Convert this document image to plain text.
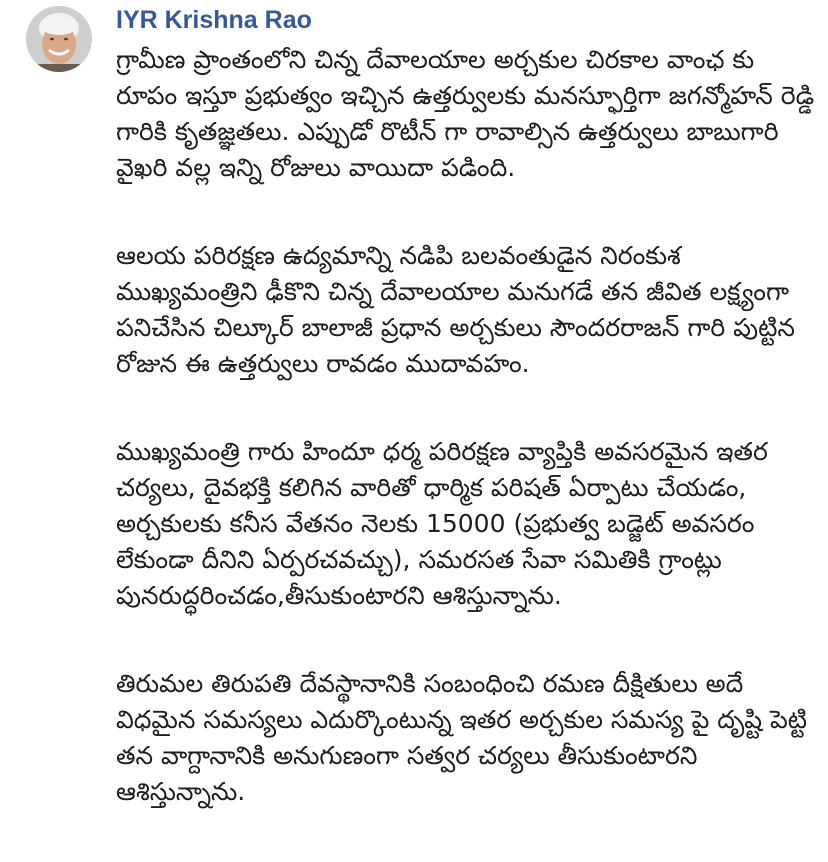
IYR Krishna Rao

గ్రామీణ ప్రాంతంలోని చిన్న దేవాలయాల అర్చకుల చిరకాల వాంఛ కు రూపం ఇస్తూ ప్రభుత్వం ఇచ్చిన ఉత్తర్వులకు మనస్ఫూర్తిగా జగన్మోహన్ రెడ్డి గారికి కృతజ్ఞతలు. ఎప్పుడో రొటీన్ గా రావాల్సిన ఉత్తర్వులు బాబుగారి వైఖరి వల్ల ఇన్ని రోజులు వాయిదా పడింది.

ఆలయ పరిరక్షణ ఉద్యమాన్ని నడిపి బలవంతుడైన నిరంకుశ ముఖ్యమంత్రిని ఢీకొని చిన్న దేవాలయాల మనుగడే తన జీవిత లక్ష్యంగా పనిచేసిన చిల్కూర్ బాలాజీ ప్రధాన అర్చకులు సౌందరరాజన్ గారి పుట్టిన రోజున ఈ ఉత్తర్వులు రావడం ముదావహం.

ముఖ్యమంత్రి గారు హిందూ ధర్మ పరిరక్షణ వ్యాప్తికి అవసరమైన ఇతర చర్యలు, దైవభక్తి కలిగిన వారితో ధార్మిక పరిషత్ ఏర్పాటు చేయడం, అర్చకులకు కనీస వేతనం నెలకు 15000 (ప్రభుత్వ బడ్జెట్ అవసరం లేకుండా దీనిని ఏర్పరచవచ్చు), సమరసత సేవా సమితికి గ్రాంట్లు పునరుద్ధరించడం,తీసుకుంటారని ఆశిస్తున్నాను.

తిరుమల తిరుపతి దేవస్థానానికి సంబంధించి రమణ దీక్షితులు అదే విధమైన సమస్యలు ఎదుర్కొంటున్న ఇతర అర్చకుల సమస్య పై దృష్టి పెట్టి తన వాగ్దానానికి అనుగుణంగా సత్వర చర్యలు తీసుకుంటారని ఆశిస్తున్నాను.
